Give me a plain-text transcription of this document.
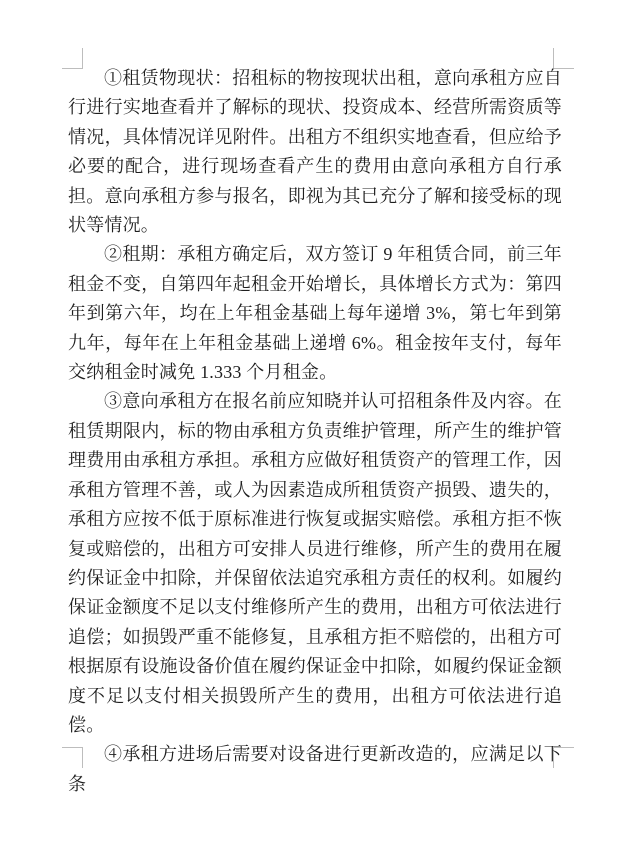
①租赁物现状：招租标的物按现状出租，意向承租方应自行进行实地查看并了解标的现状、投资成本、经营所需资质等情况，具体情况详见附件。出租方不组织实地查看，但应给予必要的配合，进行现场查看产生的费用由意向承租方自行承担。意向承租方参与报名，即视为其已充分了解和接受标的现状等情况。

②租期：承租方确定后，双方签订 9 年租赁合同，前三年租金不变，自第四年起租金开始增长，具体增长方式为：第四年到第六年，均在上年租金基础上每年递增 3%，第七年到第九年，每年在上年租金基础上递增 6%。租金按年支付，每年交纳租金时减免 1.333 个月租金。

③意向承租方在报名前应知晓并认可招租条件及内容。在租赁期限内，标的物由承租方负责维护管理，所产生的维护管理费用由承租方承担。承租方应做好租赁资产的管理工作，因承租方管理不善，或人为因素造成所租赁资产损毁、遗失的，承租方应按不低于原标准进行恢复或据实赔偿。承租方拒不恢复或赔偿的，出租方可安排人员进行维修，所产生的费用在履约保证金中扣除，并保留依法追究承租方责任的权利。如履约保证金额度不足以支付维修所产生的费用，出租方可依法进行追偿；如损毁严重不能修复，且承租方拒不赔偿的，出租方可根据原有设施设备价值在履约保证金中扣除，如履约保证金额度不足以支付相关损毁所产生的费用，出租方可依法进行追偿。

④承租方进场后需要对设备进行更新改造的，应满足以下条
